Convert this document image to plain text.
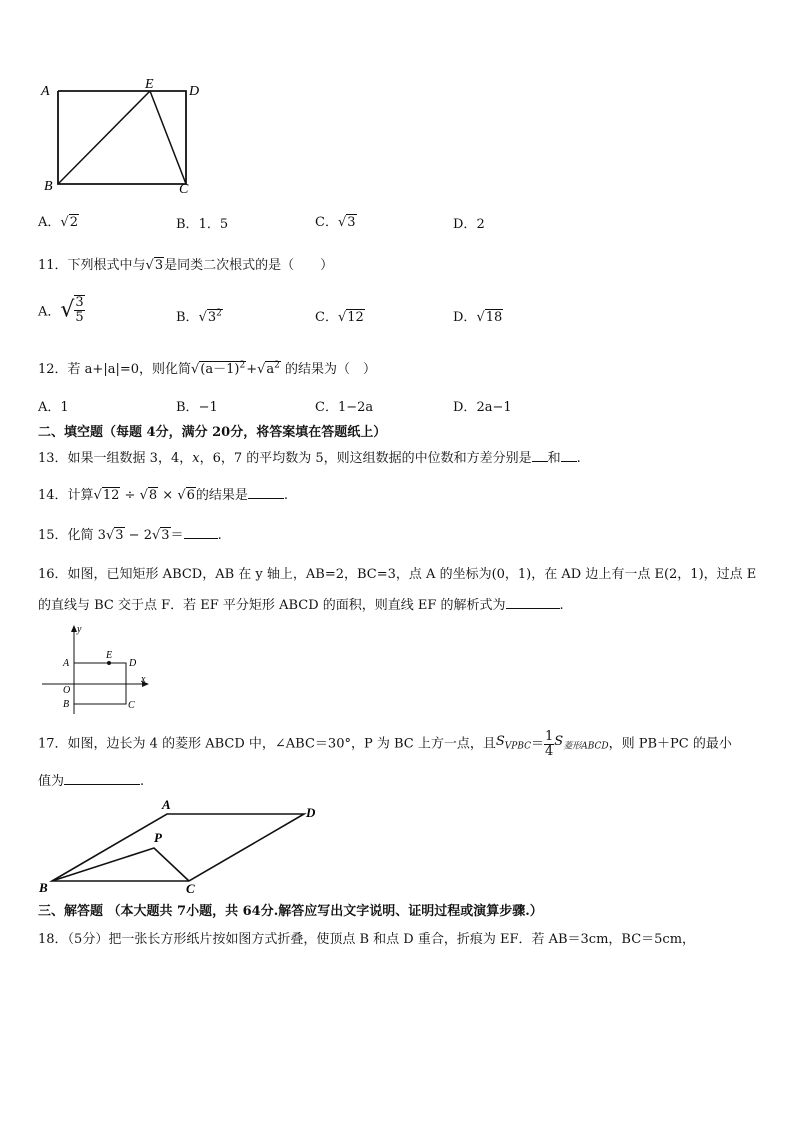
A	E	D
B	C
A．√2	B．1．5	C．√3	D．2
11．下列根式中与√3是同类二次根式的是（　　）
A．√ $\frac{3}{5}$	B．$√3^2$	C．√12	D．√18
12．若 a+|a|=0，则化简$√(a-1)^2+√a^2$ 的结果为（　）
A．1	B．−1	C．1−2a	D．2a−1
二、填空题（每题 4分，满分 20分，将答案填在答题纸上）
13．如果一组数据 3，4，x，6，7 的平均数为 5，则这组数据的中位数和方差分别是 和 .
14．计算√12 ÷ √8 × √6的结果是	.
15．化简 3√3 − 2√3＝	.
16．如图，已知矩形 ABCD，AB 在 y 轴上，AB=2，BC=3，点 A 的坐标为(0，1)，在 AD 边上有一点 E(2，1)，过点 E
的直线与 BC 交于点 F．若 EF 平分矩形 ABCD 的面积，则直线 EF 的解析式为	.
y
x
A
E
D
O
B	C
17．如图，边长为 4 的菱形 ABCD 中，∠ABC＝30°，P 为 BC 上方一点，且$S_{VPBC}= \frac{1}{4} S_{菱形ABCD}$，则 PB＋PC 的最小
值为	.
A
D
P
B	C
三、解答题 （本大题共 7小题，共 64分.解答应写出文字说明、证明过程或演算步骤.）
18．（5分）把一张长方形纸片按如图方式折叠，使顶点 B 和点 D 重合，折痕为 EF．若 AB＝3cm，BC＝5cm，
